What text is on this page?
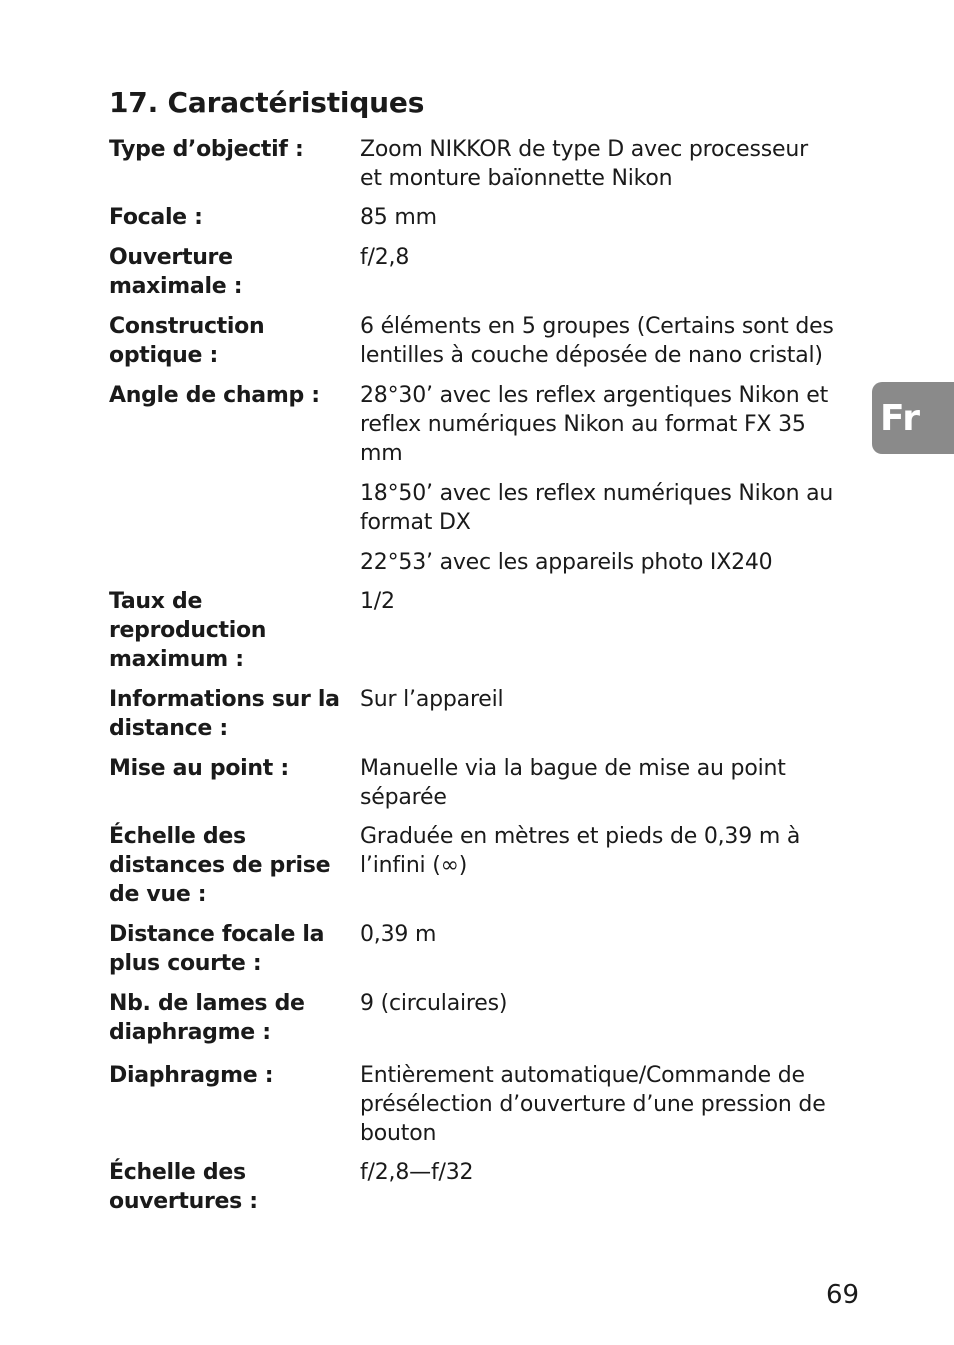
17. Caractéristiques
Type d’objectif :	Zoom NIKKOR de type D avec processeur et monture baïonnette Nikon
Focale :	85 mm
Ouverture maximale :
f/2,8
Construction optique :
6 éléments en 5 groupes (Certains sont des lentilles à couche déposée de nano cristal)
Angle de champ :	28°30’ avec les reflex argentiques Nikon et reflex numériques Nikon au format FX 35 mm
18°50’ avec les reflex numériques Nikon au format DX
22°53’ avec les appareils photo IX240
Taux de reproduction maximum :
1/2
Informations sur la distance :
Sur l’appareil
Mise au point :	Manuelle via la bague de mise au point séparée
Échelle des distances de prise de vue :
Graduée en mètres et pieds de 0,39 m à l’infini (∞)
Distance focale la plus courte :
0,39 m
Nb. de lames de diaphragme :
9 (circulaires)
Diaphragme :	Entièrement automatique/Commande de présélection d’ouverture d’une pression de bouton
Échelle des ouvertures :
f/2,8—f/32
Fr
69
